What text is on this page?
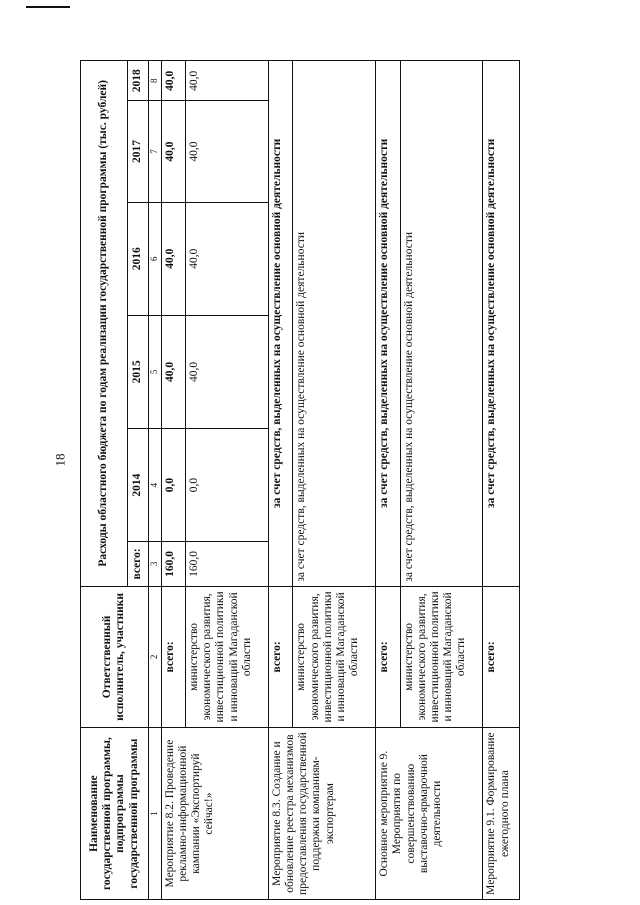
18
Наименование государственной программы, подпрограммы государственной программы	Ответственный исполнитель, участники	Расходы областного бюджета по годам реализации государственной программы (тыс. рублей)					
		всего:	2014	2015	2016	2017	2018
1	2	3	4	5	6	7	8
Мероприятие 8.2. Проведение рекламно-информационной кампании «Экспортируй сейчас!»	всего:	160,0	0,0	40,0	40,0	40,0	40,0
	министерство экономического развития, инвестиционной политики и инноваций Магаданской области	160,0	0,0	40,0	40,0	40,0	40,0
Мероприятие 8.3. Создание и обновление реестра механизмов предоставления государственной поддержки компаниям-экспортерам	всего:	за счет средств, выделенных на осуществление основной деятельности					
	министерство экономического развития, инвестиционной политики и инноваций Магаданской области	за счет средств, выделенных на осуществление основной деятельности					
Основное мероприятие 9. Мероприятия по совершенствованию выставочно-ярмарочной деятельности	всего:	за счет средств, выделенных на осуществление основной деятельности					
	министерство экономического развития, инвестиционной политики и инноваций Магаданской области	за счет средств, выделенных на осуществление основной деятельности					
Мероприятие 9.1. Формирование ежегодного плана	всего:	за счет средств, выделенных на осуществление основной деятельности					
